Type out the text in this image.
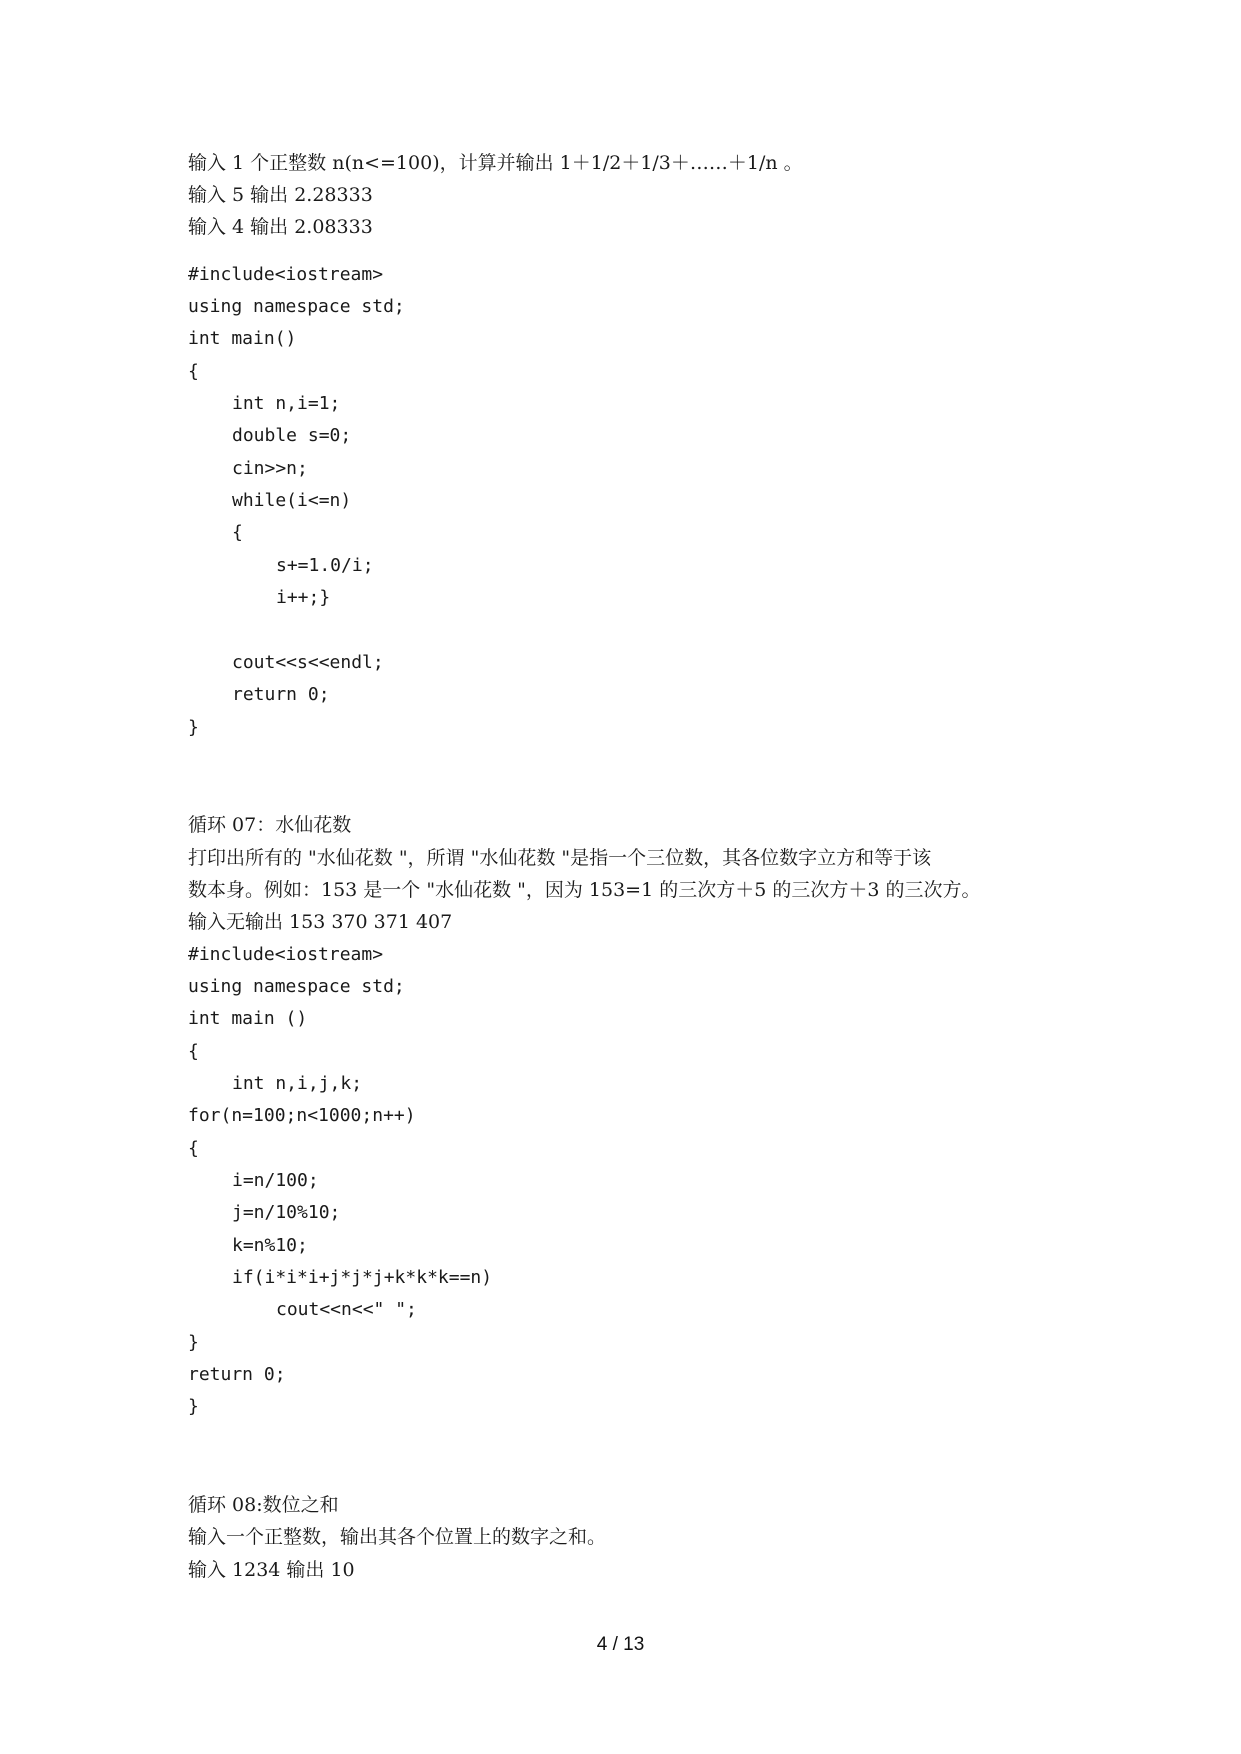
输入 1 个正整数 n(n<=100)，计算并输出 1＋1/2＋1/3＋……＋1/n 。
输入 5 输出 2.28333
输入 4 输出 2.08333
#include<iostream>
using namespace std;
int main()
{
int n,i=1;
double s=0;
cin>>n;
while(i<=n)
{
s+=1.0/i;
i++;}
cout<<s<<endl;
return 0;
}
循环 07：水仙花数
打印出所有的 "水仙花数 "，所谓 "水仙花数 "是指一个三位数，其各位数字立方和等于该
数本身。例如：153 是一个 "水仙花数 "，因为 153=1 的三次方＋5 的三次方＋3 的三次方。
输入无输出 153 370 371 407
#include<iostream>
using namespace std;
int main ()
{
int n,i,j,k;
for(n=100;n<1000;n++)
{
i=n/100;
j=n/10%10;
k=n%10;
if(i*i*i+j*j*j+k*k*k==n)
cout<<n<<" ";
}
return 0;
}
循环 08:数位之和
输入一个正整数，输出其各个位置上的数字之和。
输入 1234 输出 10
4 / 13
